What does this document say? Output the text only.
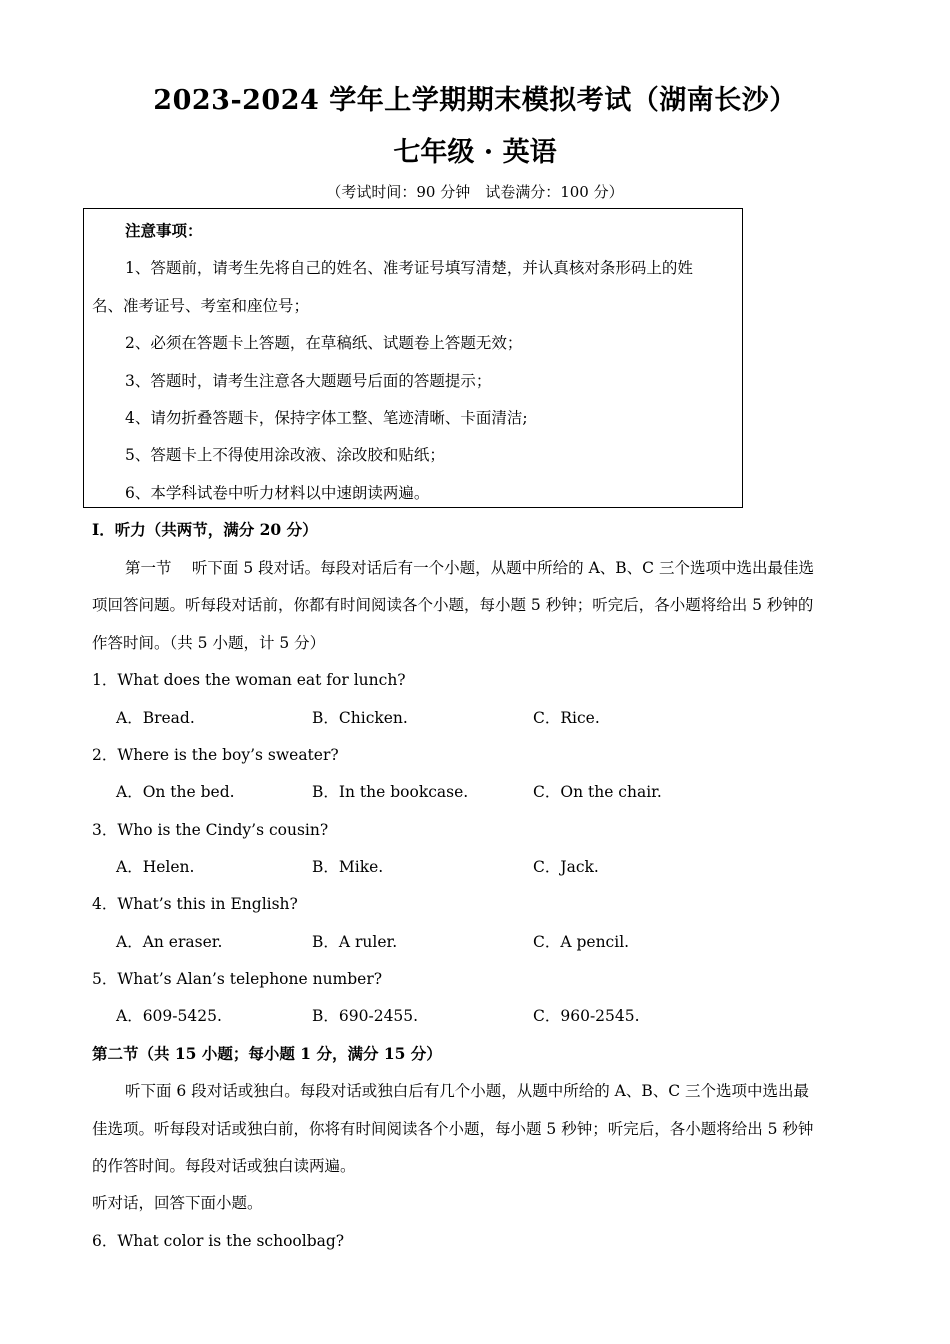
2023-2024 学年上学期期末模拟考试（湖南长沙）
七年级 · 英语
（考试时间：90 分钟　试卷满分：100 分）
注意事项：
1、答题前，请考生先将自己的姓名、准考证号填写清楚，并认真核对条形码上的姓
名、准考证号、考室和座位号；
2、必须在答题卡上答题，在草稿纸、试题卷上答题无效；
3、答题时，请考生注意各大题题号后面的答题提示；
4、请勿折叠答题卡，保持字体工整、笔迹清晰、卡面清洁;
5、答题卡上不得使用涂改液、涂改胶和贴纸；
6、本学科试卷中听力材料以中速朗读两遍。
I．听力（共两节，满分 20 分）
第一节　 听下面 5 段对话。每段对话后有一个小题，从题中所给的 A、B、C 三个选项中选出最佳选
项回答问题。听每段对话前，你都有时间阅读各个小题，每小题 5 秒钟；听完后，各小题将给出 5 秒钟的
作答时间。（共 5 小题，计 5 分）
1．What does the woman eat for lunch?
A．Bread.	B．Chicken.	C．Rice.
2．Where is the boy’s sweater?
A．On the bed.	B．In the bookcase.	C．On the chair.
3．Who is the Cindy’s cousin?
A．Helen.	B．Mike.	C．Jack.
4．What’s this in English?
A．An eraser.	B．A ruler.	C．A pencil.
5．What’s Alan’s telephone number?
A．609-5425.	B．690-2455.	C．960-2545.
第二节（共 15 小题；每小题 1 分，满分 15 分）
听下面 6 段对话或独白。每段对话或独白后有几个小题，从题中所给的 A、B、C 三个选项中选出最
佳选项。听每段对话或独白前，你将有时间阅读各个小题，每小题 5 秒钟；听完后，各小题将给出 5 秒钟
的作答时间。每段对话或独白读两遍。
听对话，回答下面小题。
6．What color is the schoolbag?
